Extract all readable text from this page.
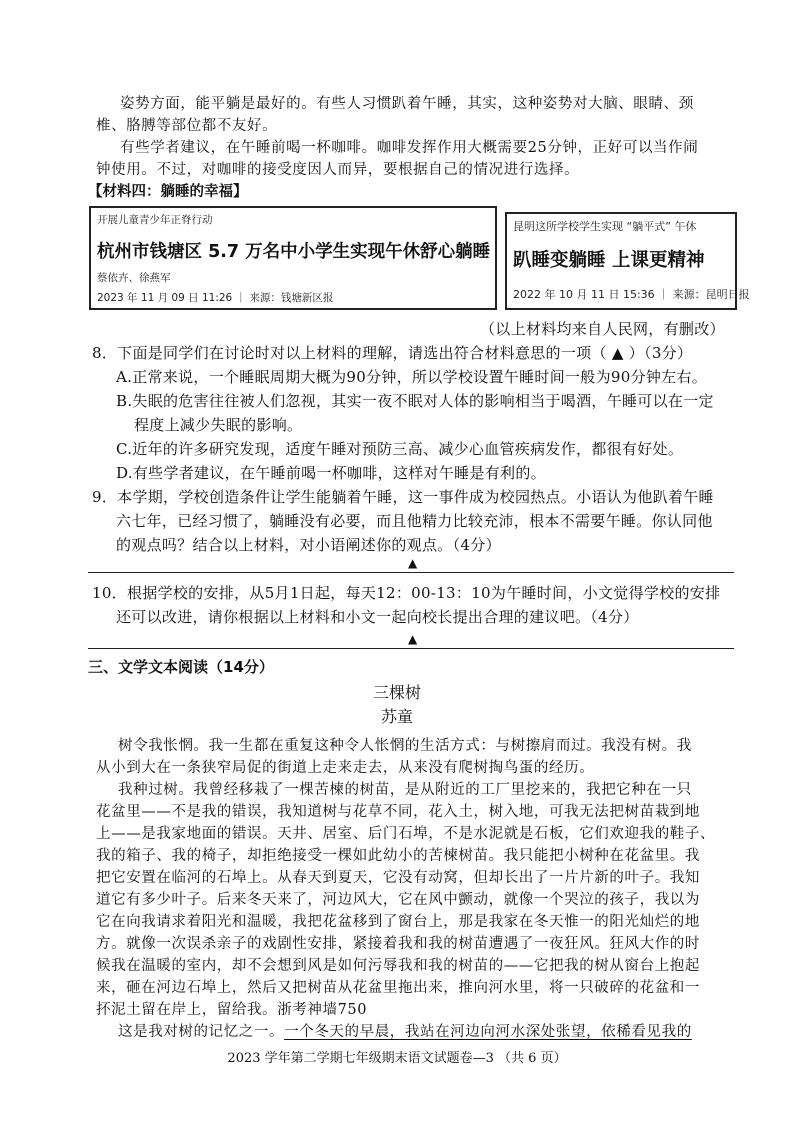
姿势方面，能平躺是最好的。有些人习惯趴着午睡，其实，这种姿势对大脑、眼睛、颈
椎、胳膊等部位都不友好。
有些学者建议，在午睡前喝一杯咖啡。咖啡发挥作用大概需要25分钟，正好可以当作闹
钟使用。不过，对咖啡的接受度因人而异，要根据自己的情况进行选择。
【材料四：躺睡的幸福】
开展儿童青少年正脊行动
杭州市钱塘区 5.7 万名中小学生实现午休舒心躺睡
蔡依卉、徐燕军
2023 年 11 月 09 日 11:26 ｜ 来源：钱塘新区报
昆明这所学校学生实现 “躺平式” 午休
趴睡变躺睡 上课更精神
2022 年 10 月 11 日 15:36 ｜ 来源：昆明日报
（以上材料均来自人民网，有删改）
8．下面是同学们在讨论时对以上材料的理解，请选出符合材料意思的一项（ ▲ ）（3分）
A.正常来说，一个睡眠周期大概为90分钟，所以学校设置午睡时间一般为90分钟左右。
B.失眠的危害往往被人们忽视，其实一夜不眠对人体的影响相当于喝酒，午睡可以在一定
程度上减少失眠的影响。
C.近年的许多研究发现，适度午睡对预防三高、减少心血管疾病发作，都很有好处。
D.有些学者建议，在午睡前喝一杯咖啡，这样对午睡是有利的。
9．本学期，学校创造条件让学生能躺着午睡，这一事件成为校园热点。小语认为他趴着午睡
六七年，已经习惯了，躺睡没有必要，而且他精力比较充沛，根本不需要午睡。你认同他
的观点吗？结合以上材料，对小语阐述你的观点。（4分）
▲
10．根据学校的安排，从5月1日起，每天12：00-13：10为午睡时间，小文觉得学校的安排
还可以改进，请你根据以上材料和小文一起向校长提出合理的建议吧。（4分）
▲
三、文学文本阅读（14分）
三棵树
苏童
树令我怅惘。我一生都在重复这种令人怅惘的生活方式：与树擦肩而过。我没有树。我
从小到大在一条狭窄局促的街道上走来走去，从来没有爬树掏鸟蛋的经历。
我种过树。我曾经移栽了一棵苦楝的树苗，是从附近的工厂里挖来的，我把它种在一只
花盆里——不是我的错误，我知道树与花草不同，花入土，树入地，可我无法把树苗栽到地
上——是我家地面的错误。天井、居室、后门石埠，不是水泥就是石板，它们欢迎我的鞋子、
我的箱子、我的椅子，却拒绝接受一棵如此幼小的苦楝树苗。我只能把小树种在花盆里。我
把它安置在临河的石埠上。从春天到夏天，它没有动窝，但却长出了一片片新的叶子。我知
道它有多少叶子。后来冬天来了，河边风大，它在风中颤动，就像一个哭泣的孩子，我以为
它在向我请求着阳光和温暖，我把花盆移到了窗台上，那是我家在冬天惟一的阳光灿烂的地
方。就像一次误杀亲子的戏剧性安排，紧接着我和我的树苗遭遇了一夜狂风。狂风大作的时
候我在温暖的室内，却不会想到风是如何污辱我和我的树苗的——它把我的树从窗台上抱起
来，砸在河边石埠上，然后又把树苗从花盆里拖出来，推向河水里，将一只破碎的花盆和一
抔泥土留在岸上，留给我。浙考神墙750
这是我对树的记忆之一。一个冬天的早晨，我站在河边向河水深处张望，依稀看见我的
2023 学年第二学期七年级期末语文试题卷—3 （共 6 页）
